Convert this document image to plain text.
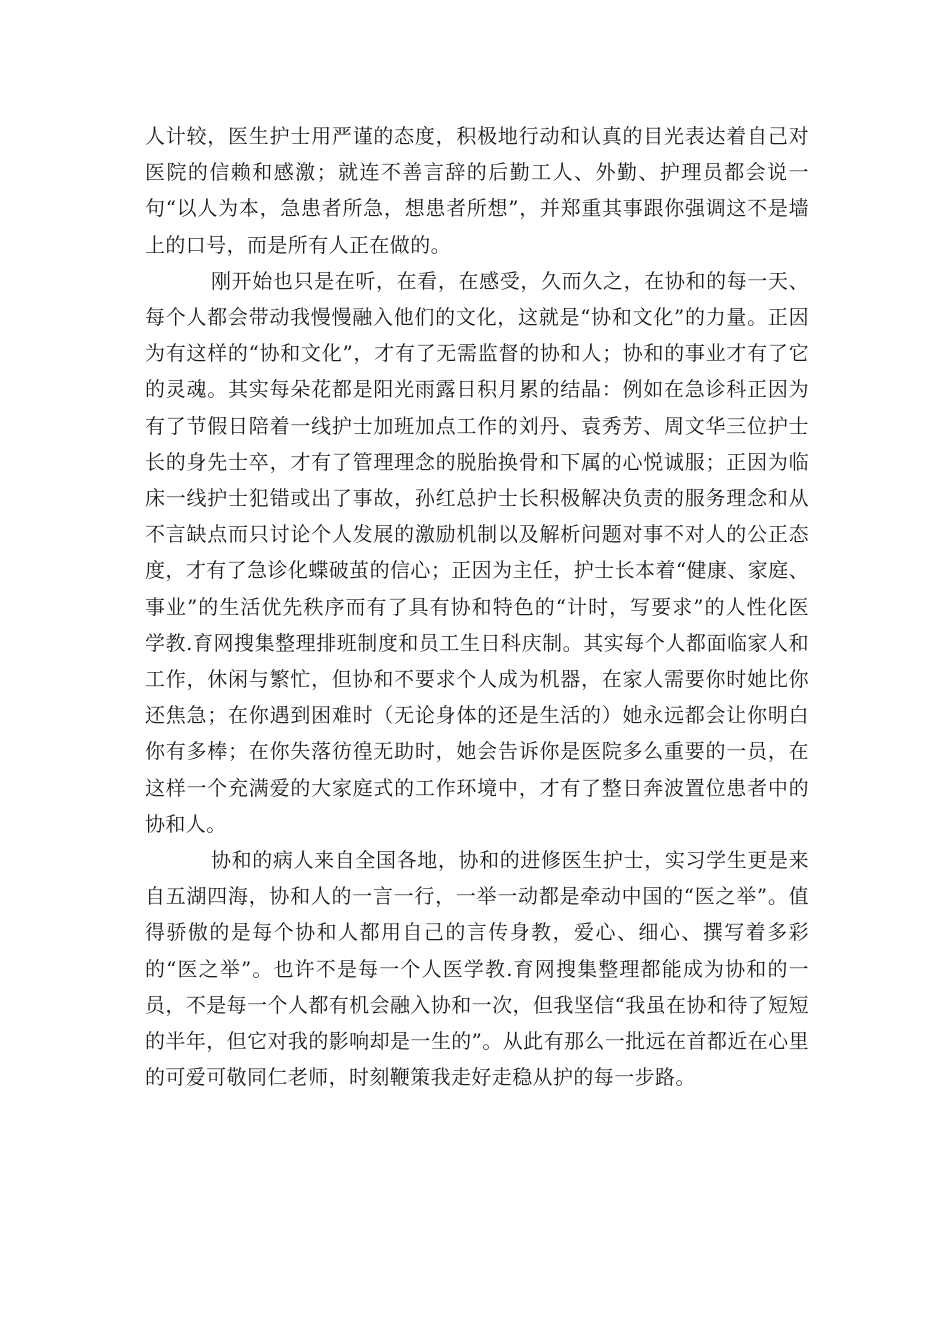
人计较，医生护士用严谨的态度，积极地行动和认真的目光表达着自己对医院的信赖和感激；就连不善言辞的后勤工人、外勤、护理员都会说一句“以人为本，急患者所急，想患者所想”，并郑重其事跟你强调这不是墙上的口号，而是所有人正在做的。

刚开始也只是在听，在看，在感受，久而久之，在协和的每一天、每个人都会带动我慢慢融入他们的文化，这就是“协和文化”的力量。正因为有这样的“协和文化”，才有了无需监督的协和人；协和的事业才有了它的灵魂。其实每朵花都是阳光雨露日积月累的结晶：例如在急诊科正因为有了节假日陪着一线护士加班加点工作的刘丹、袁秀芳、周文华三位护士长的身先士卒，才有了管理理念的脱胎换骨和下属的心悦诚服；正因为临床一线护士犯错或出了事故，孙红总护士长积极解决负责的服务理念和从不言缺点而只讨论个人发展的激励机制以及解析问题对事不对人的公正态度，才有了急诊化蝶破茧的信心；正因为主任，护士长本着“健康、家庭、事业”的生活优先秩序而有了具有协和特色的“计时，写要求”的人性化医学教.育网搜集整理排班制度和员工生日科庆制。其实每个人都面临家人和工作，休闲与繁忙，但协和不要求个人成为机器，在家人需要你时她比你还焦急；在你遇到困难时（无论身体的还是生活的）她永远都会让你明白你有多棒；在你失落彷徨无助时，她会告诉你是医院多么重要的一员，在这样一个充满爱的大家庭式的工作环境中，才有了整日奔波置位患者中的协和人。

协和的病人来自全国各地，协和的进修医生护士，实习学生更是来自五湖四海，协和人的一言一行，一举一动都是牵动中国的“医之举”。值得骄傲的是每个协和人都用自己的言传身教，爱心、细心、撰写着多彩的“医之举”。也许不是每一个人医学教.育网搜集整理都能成为协和的一员，不是每一个人都有机会融入协和一次，但我坚信“我虽在协和待了短短的半年，但它对我的影响却是一生的”。从此有那么一批远在首都近在心里的可爱可敬同仁老师，时刻鞭策我走好走稳从护的每一步路。
